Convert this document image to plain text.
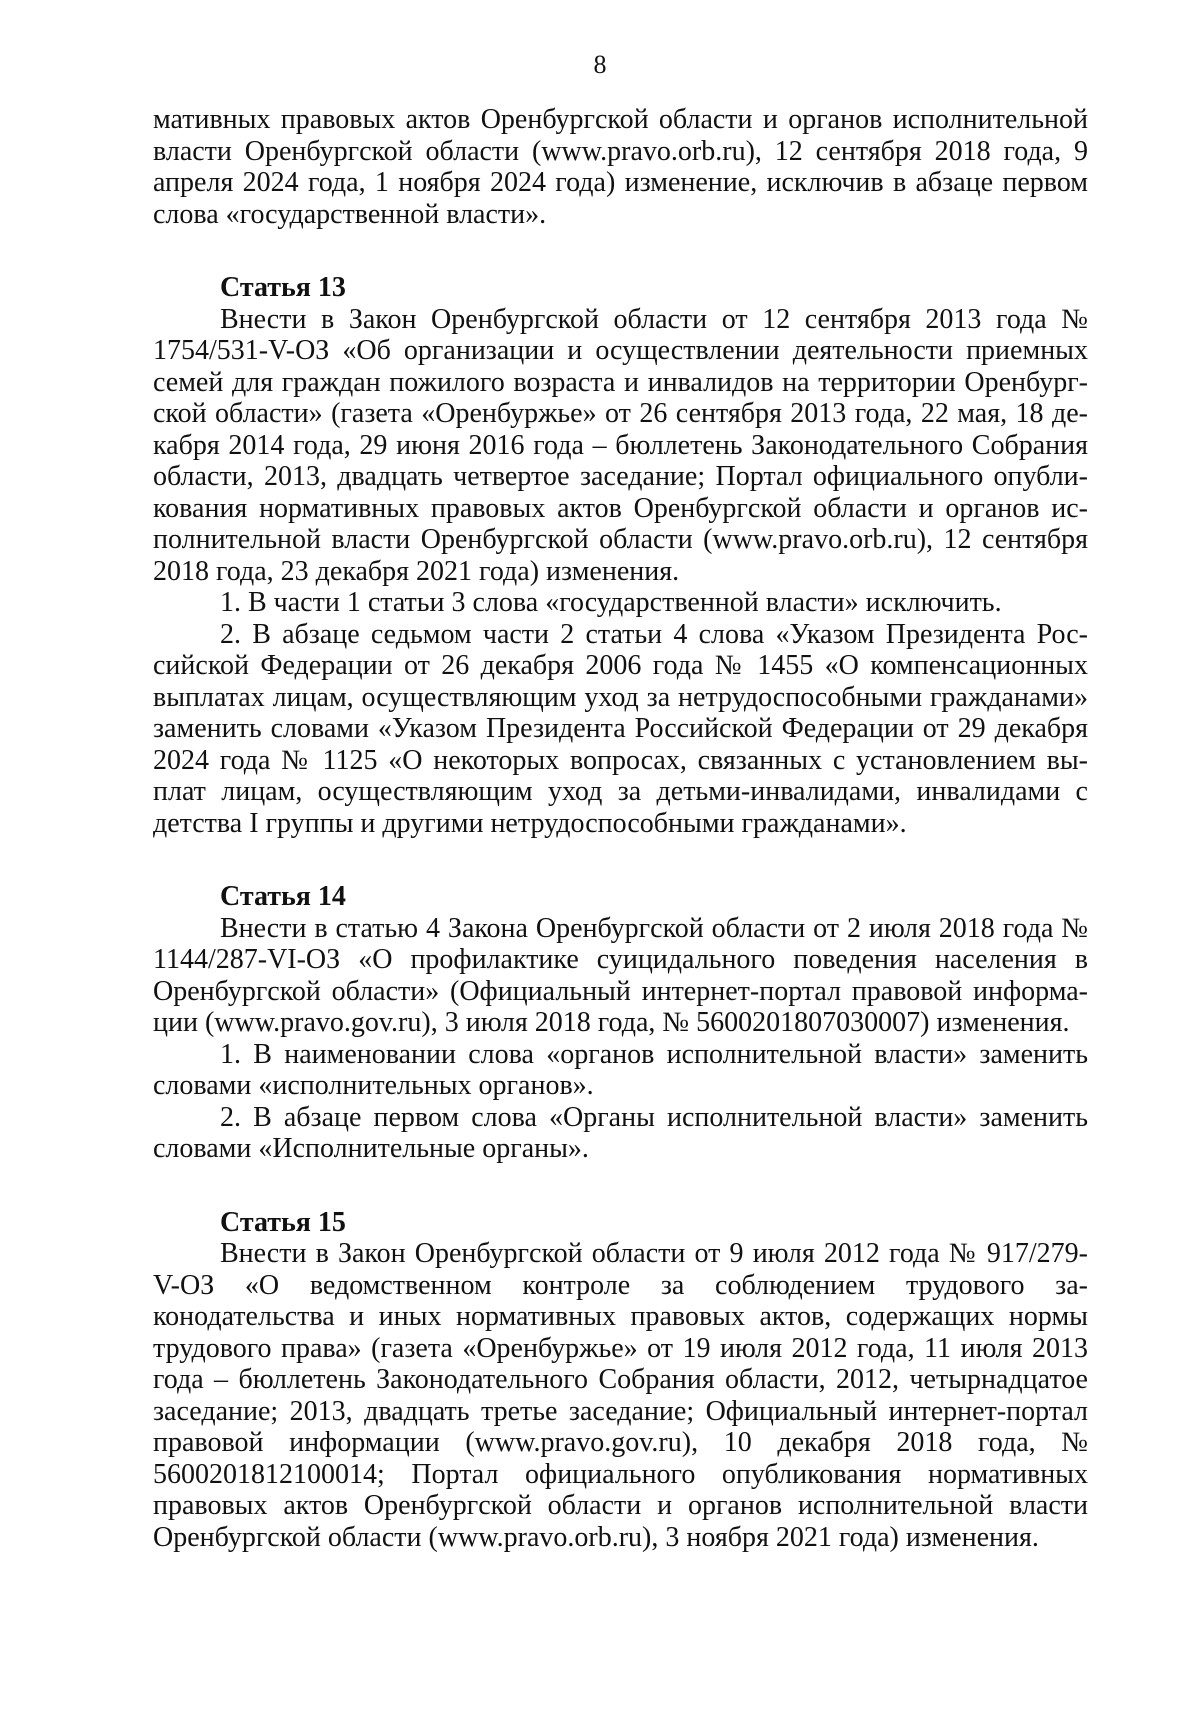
8

мативных правовых актов Оренбургской области и органов исполнительной власти Оренбургской области (www.pravo.orb.ru), 12 сентября 2018 года, 9 апреля 2024 года, 1 ноября 2024 года) изменение, исключив в абзаце первом слова «государственной власти».

Статья 13

Внести в Закон Оренбургской области от 12 сентября 2013 года № 1754/531-V-ОЗ «Об организации и осуществлении деятельности приемных семей для граждан пожилого возраста и инвалидов на территории Оренбургской области» (газета «Оренбуржье» от 26 сентября 2013 года, 22 мая, 18 декабря 2014 года, 29 июня 2016 года – бюллетень Законодательного Собрания области, 2013, двадцать четвертое заседание; Портал официального опубликования нормативных правовых актов Оренбургской области и органов исполнительной власти Оренбургской области (www.pravo.orb.ru), 12 сентября 2018 года, 23 декабря 2021 года) изменения.

1. В части 1 статьи 3 слова «государственной власти» исключить.

2. В абзаце седьмом части 2 статьи 4 слова «Указом Президента Российской Федерации от 26 декабря 2006 года № 1455 «О компенсационных выплатах лицам, осуществляющим уход за нетрудоспособными гражданами» заменить словами «Указом Президента Российской Федерации от 29 декабря 2024 года № 1125 «О некоторых вопросах, связанных с установлением выплат лицам, осуществляющим уход за детьми-инвалидами, инвалидами с детства I группы и другими нетрудоспособными гражданами».

Статья 14

Внести в статью 4 Закона Оренбургской области от 2 июля 2018 года № 1144/287-VI-ОЗ «О профилактике суицидального поведения населения в Оренбургской области» (Официальный интернет-портал правовой информации (www.pravo.gov.ru), 3 июля 2018 года, № 5600201807030007) изменения.

1. В наименовании слова «органов исполнительной власти» заменить словами «исполнительных органов».

2. В абзаце первом слова «Органы исполнительной власти» заменить словами «Исполнительные органы».

Статья 15

Внести в Закон Оренбургской области от 9 июля 2012 года № 917/279-V-ОЗ «О ведомственном контроле за соблюдением трудового законодательства и иных нормативных правовых актов, содержащих нормы трудового права» (газета «Оренбуржье» от 19 июля 2012 года, 11 июля 2013 года – бюллетень Законодательного Собрания области, 2012, четырнадцатое заседание; 2013, двадцать третье заседание; Официальный интернет-портал правовой информации (www.pravo.gov.ru), 10 декабря 2018 года, № 5600201812100014; Портал официального опубликования нормативных правовых актов Оренбургской области и органов исполнительной власти Оренбургской области (www.pravo.orb.ru), 3 ноября 2021 года) изменения.
